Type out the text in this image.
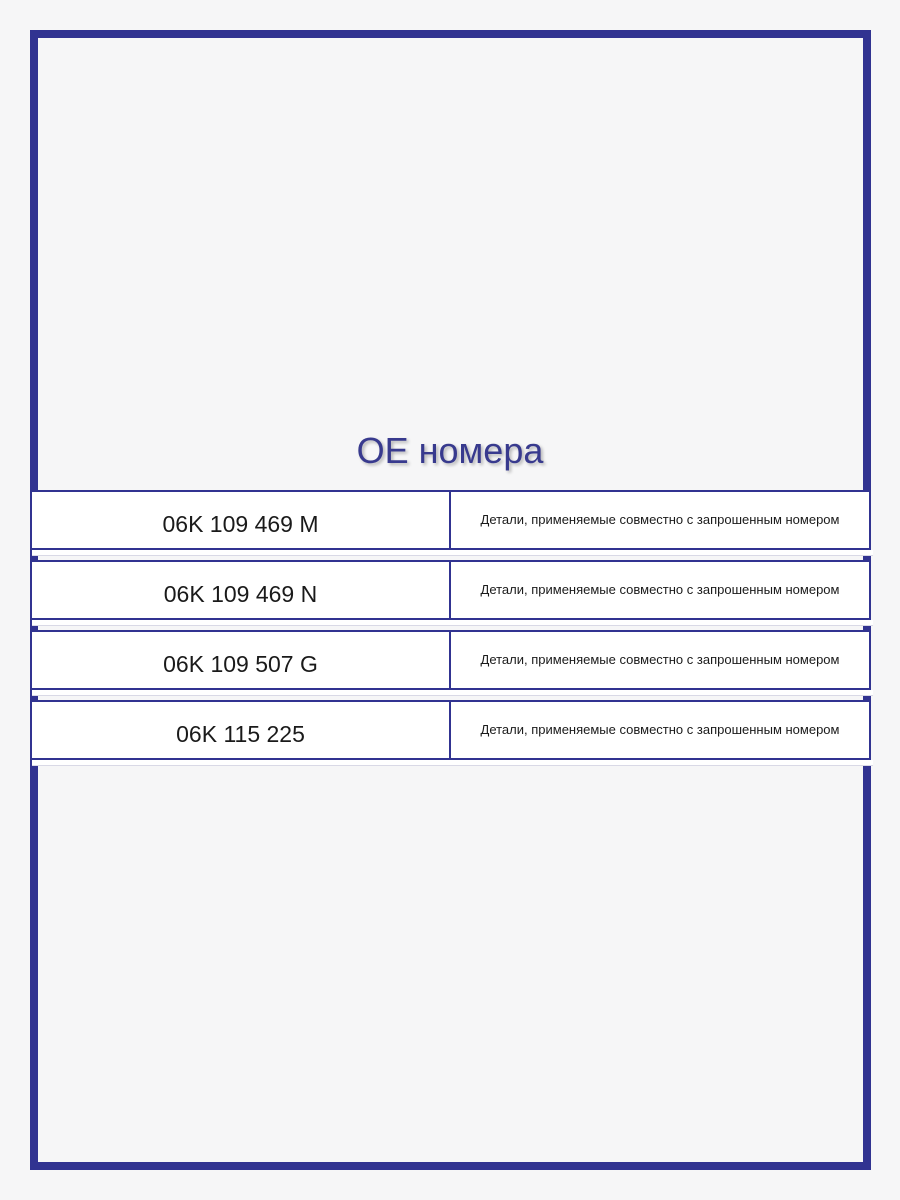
OE номера
06K 109 469 M	Детали, применяемые совместно с запрошенным номером
06K 109 469 N	Детали, применяемые совместно с запрошенным номером
06K 109 507 G	Детали, применяемые совместно с запрошенным номером
06K 115 225	Детали, применяемые совместно с запрошенным номером
